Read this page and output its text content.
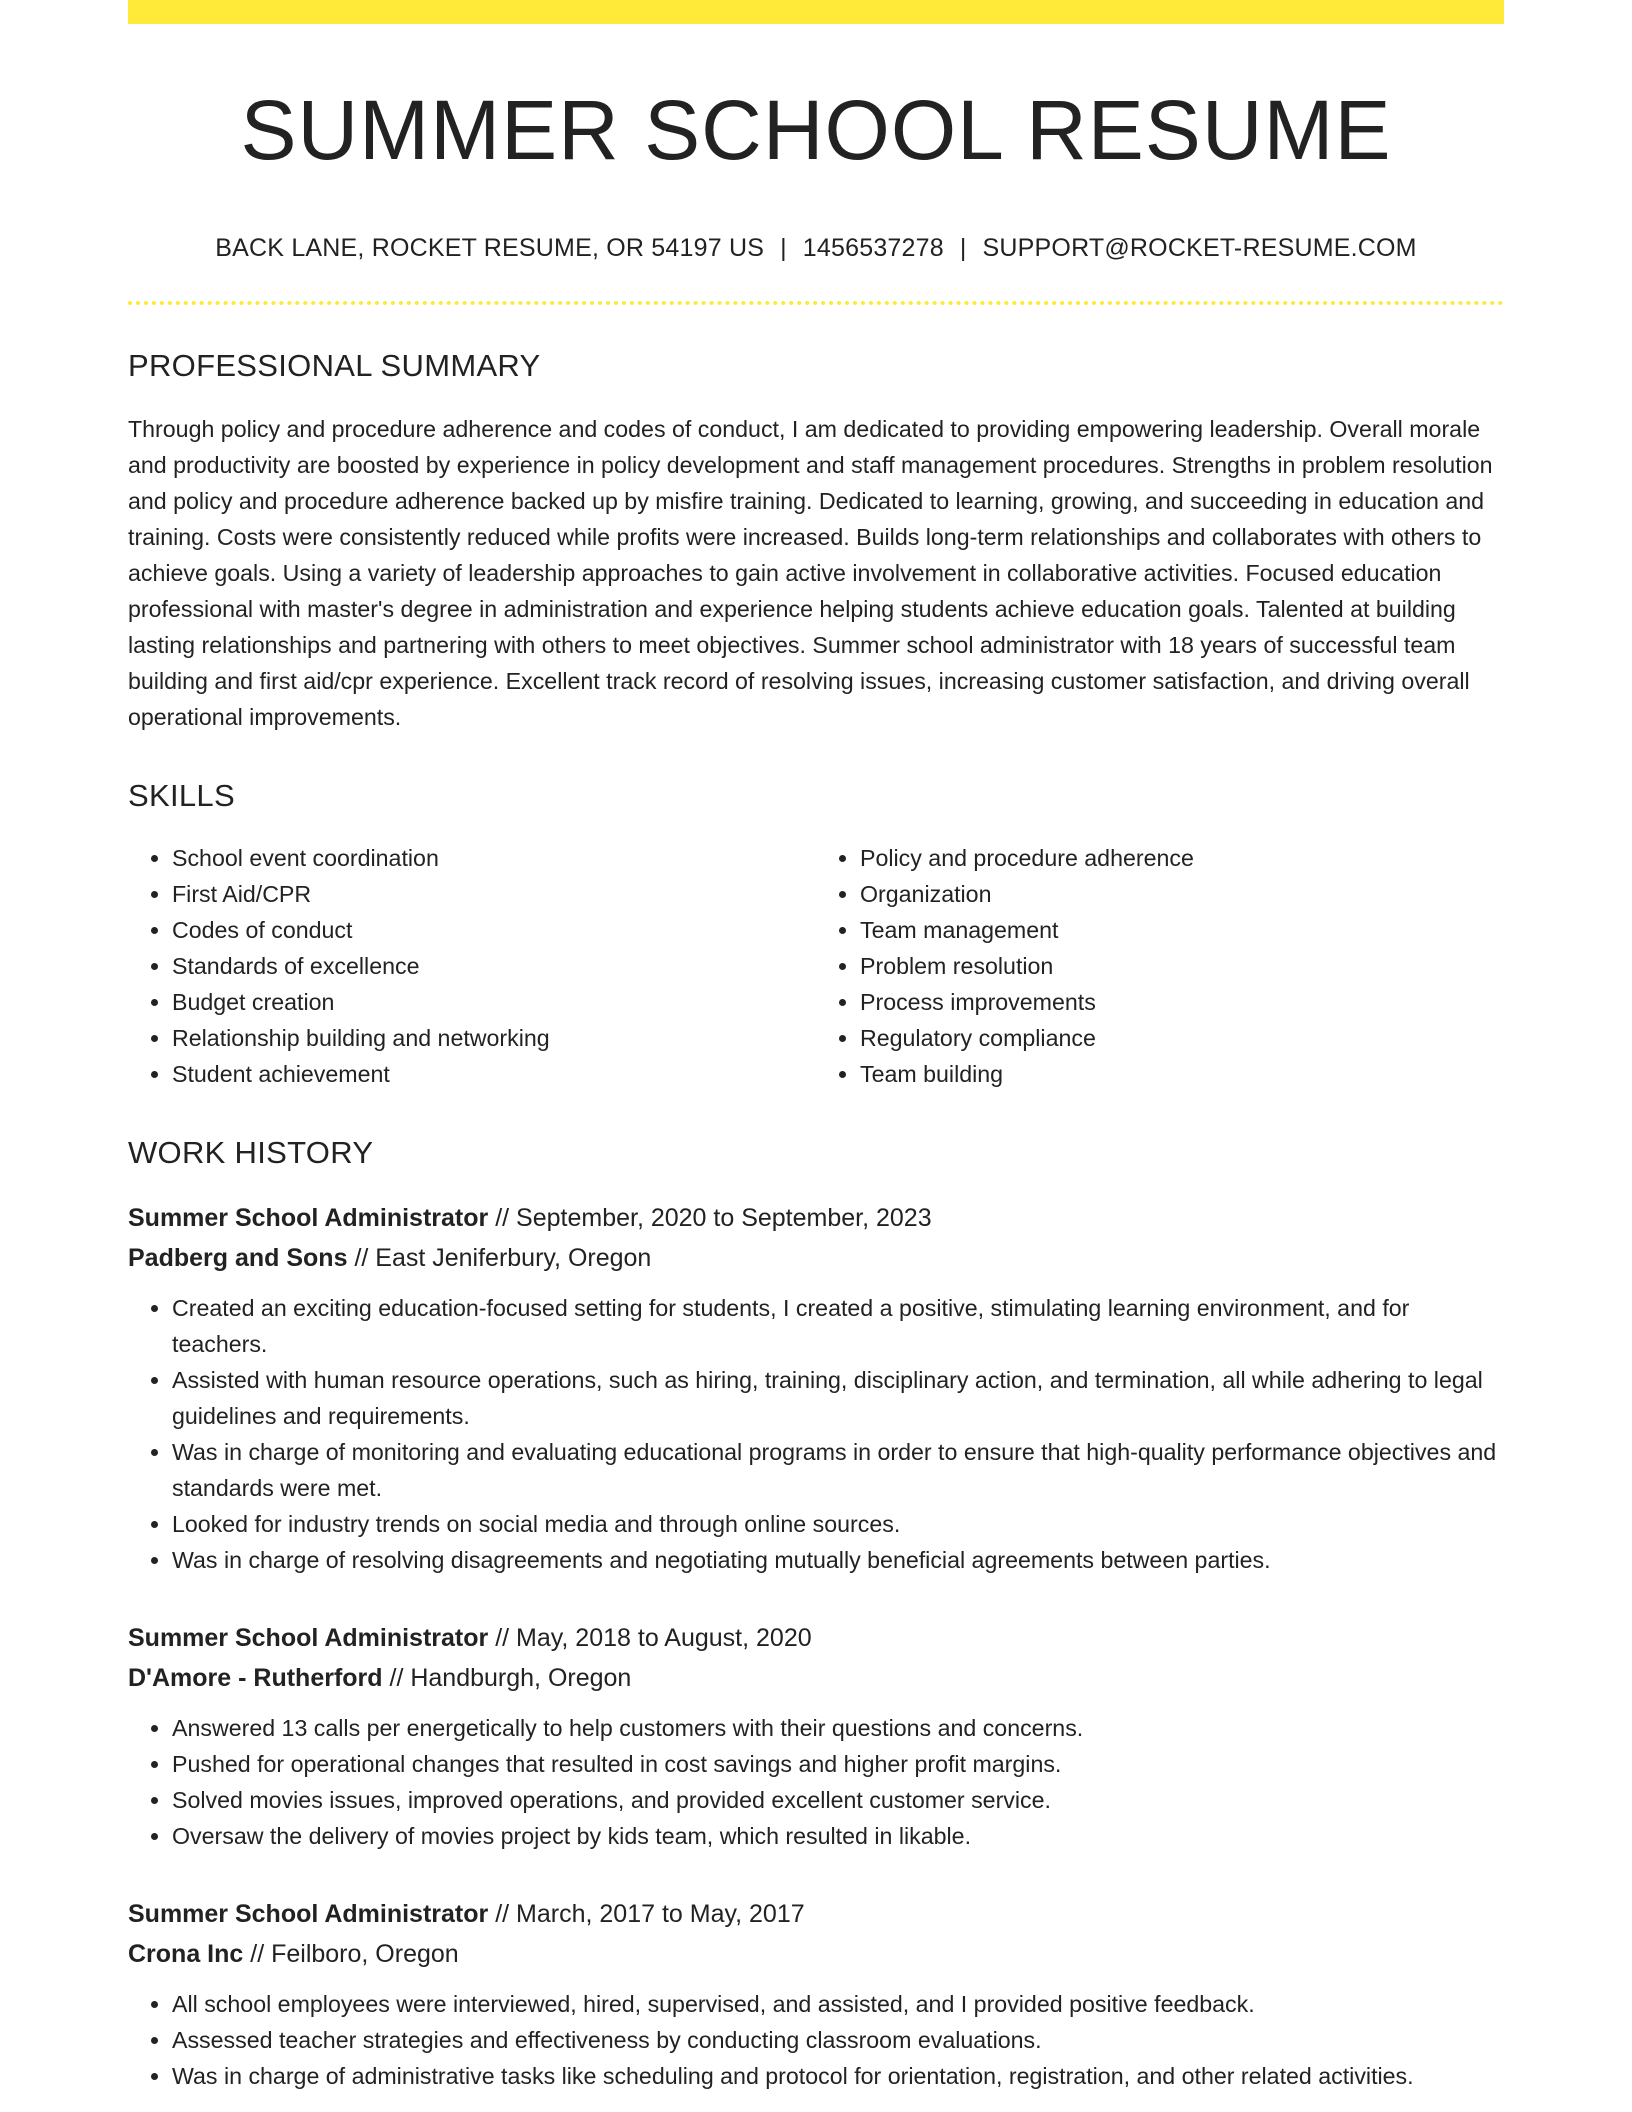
SUMMER SCHOOL RESUME
BACK LANE, ROCKET RESUME, OR 54197 US | 1456537278 | SUPPORT@ROCKET-RESUME.COM
PROFESSIONAL SUMMARY

Through policy and procedure adherence and codes of conduct, I am dedicated to providing empowering leadership. Overall morale and productivity are boosted by experience in policy development and staff management procedures. Strengths in problem resolution and policy and procedure adherence backed up by misfire training. Dedicated to learning, growing, and succeeding in education and training. Costs were consistently reduced while profits were increased. Builds long-term relationships and collaborates with others to achieve goals. Using a variety of leadership approaches to gain active involvement in collaborative activities. Focused education professional with master's degree in administration and experience helping students achieve education goals. Talented at building lasting relationships and partnering with others to meet objectives. Summer school administrator with 18 years of successful team building and first aid/cpr experience. Excellent track record of resolving issues, increasing customer satisfaction, and driving overall operational improvements.

SKILLS
• School event coordination
• First Aid/CPR
• Codes of conduct
• Standards of excellence
• Budget creation
• Relationship building and networking
• Student achievement
• Policy and procedure adherence
• Organization
• Team management
• Problem resolution
• Process improvements
• Regulatory compliance
• Team building
WORK HISTORY
Summer School Administrator // September, 2020 to September, 2023
Padberg and Sons // East Jeniferbury, Oregon
• Created an exciting education-focused setting for students, I created a positive, stimulating learning environment, and for teachers.
• Assisted with human resource operations, such as hiring, training, disciplinary action, and termination, all while adhering to legal guidelines and requirements.
• Was in charge of monitoring and evaluating educational programs in order to ensure that high-quality performance objectives and standards were met.
• Looked for industry trends on social media and through online sources.
• Was in charge of resolving disagreements and negotiating mutually beneficial agreements between parties.
Summer School Administrator // May, 2018 to August, 2020
D'Amore - Rutherford // Handburgh, Oregon
• Answered 13 calls per energetically to help customers with their questions and concerns.
• Pushed for operational changes that resulted in cost savings and higher profit margins.
• Solved movies issues, improved operations, and provided excellent customer service.
• Oversaw the delivery of movies project by kids team, which resulted in likable.
Summer School Administrator // March, 2017 to May, 2017
Crona Inc // Feilboro, Oregon
• All school employees were interviewed, hired, supervised, and assisted, and I provided positive feedback.
• Assessed teacher strategies and effectiveness by conducting classroom evaluations.
• Was in charge of administrative tasks like scheduling and protocol for orientation, registration, and other related activities.
